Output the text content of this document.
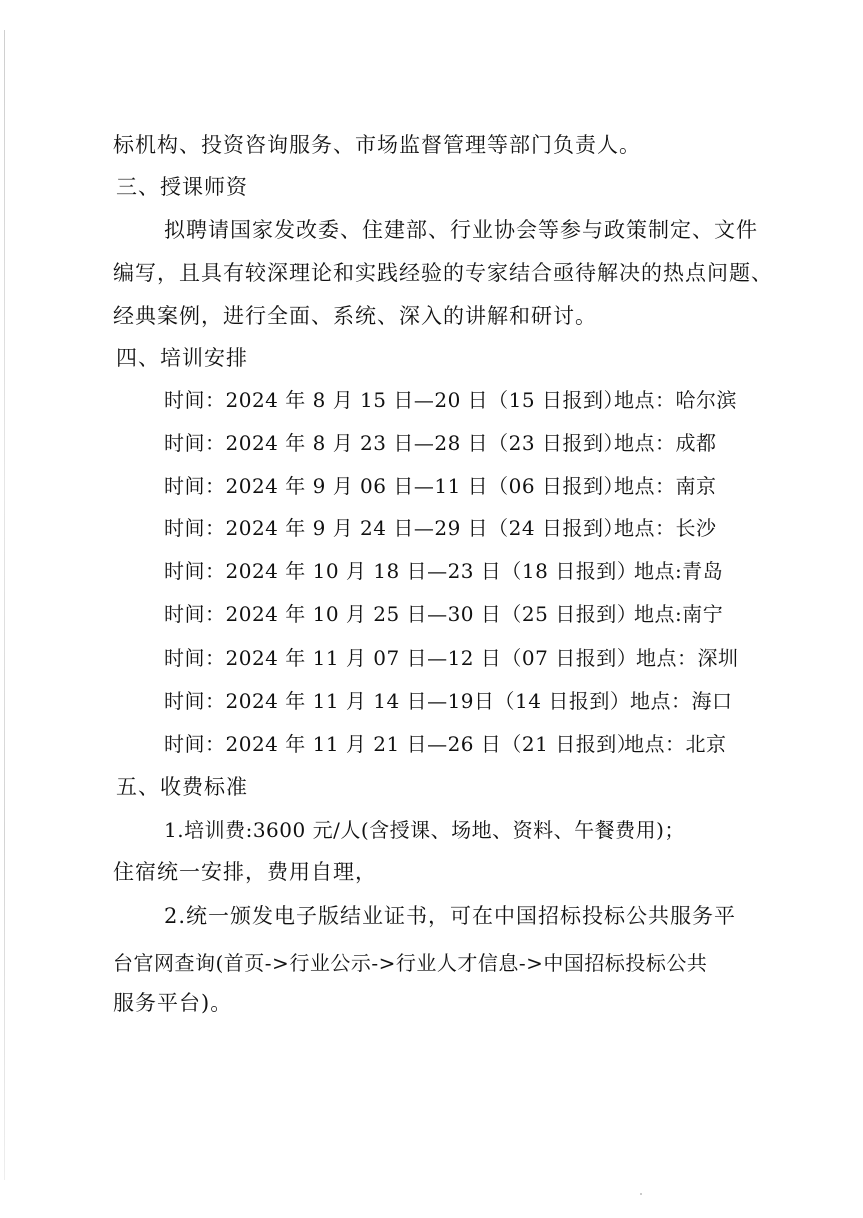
标机构、投资咨询服务、市场监督管理等部门负责人。
三、授课师资
拟聘请国家发改委、住建部、行业协会等参与政策制定、文件
编写，且具有较深理论和实践经验的专家结合亟待解决的热点问题、
经典案例，进行全面、系统、深入的讲解和研讨。
四、培训安排
时间：2024 年 8 月 15 日—20 日（15 日报到）
地点：哈尔滨
时间：2024 年 8 月 23 日—28 日（23 日报到）
地点：成都
时间：2024 年 9 月 06 日—11 日（06 日报到）
地点：南京
时间：2024 年 9 月 24 日—29 日（24 日报到）
地点：长沙
时间：2024 年 10 月 18 日—23 日（18 日报到）
地点:青岛
时间：2024 年 10 月 25 日—30 日（25 日报到）
地点:南宁
时间：2024 年 11 月 07 日—12 日（07 日报到）
地点：深圳
时间：2024 年 11 月 14 日—19日（14 日报到） 地点：海口
时间：2024 年 11 月 21 日—26 日（21 日报到）
地点：北京
五、收费标准
1.培训费:3600 元/人(含授课、场地、资料、午餐费用)；
住宿统一安排，费用自理，
2.统一颁发电子版结业证书，可在中国招标投标公共服务平
台官网查询(首页->行业公示->行业人才信息->中国招标投标公共
服务平台)。
